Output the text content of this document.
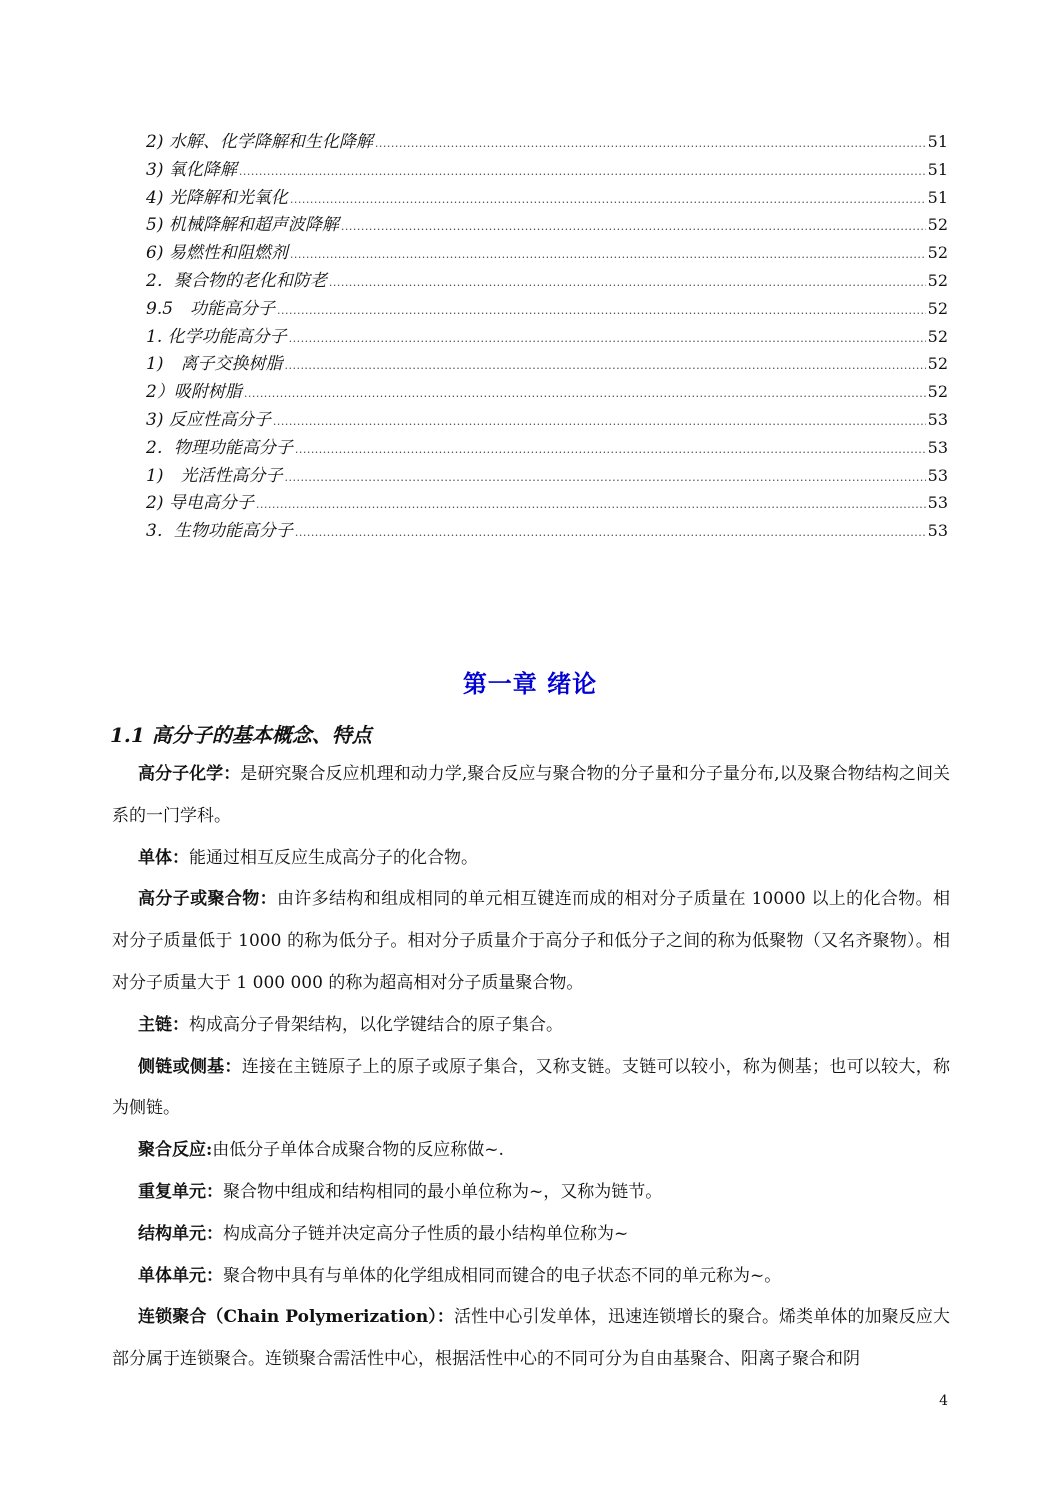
2) 水解、化学降解和生化降解 .....	51
3) 氧化降解 .....	51
4) 光降解和光氧化 .....	51
5) 机械降解和超声波降解 .....	52
6) 易燃性和阻燃剂 .....	52
2．聚合物的老化和防老 .....	52
9.5　功能高分子 .....	52
1. 化学功能高分子 .....	52
1)　离子交换树脂 .....	52
2）吸附树脂 .....	52
3) 反应性高分子 .....	53
2．物理功能高分子 .....	53
1)　光活性高分子 .....	53
2) 导电高分子 .....	53
3．生物功能高分子 .....	53
第一章 绪论
1.1 高分子的基本概念、特点

高分子化学：是研究聚合反应机理和动力学,聚合反应与聚合物的分子量和分子量分布,以及聚合物结构之间关系的一门学科。

单体：能通过相互反应生成高分子的化合物。

高分子或聚合物：由许多结构和组成相同的单元相互键连而成的相对分子质量在 10000 以上的化合物。相对分子质量低于 1000 的称为低分子。相对分子质量介于高分子和低分子之间的称为低聚物（又名齐聚物）。相对分子质量大于 1 000 000 的称为超高相对分子质量聚合物。

主链：构成高分子骨架结构，以化学键结合的原子集合。

侧链或侧基：连接在主链原子上的原子或原子集合，又称支链。支链可以较小，称为侧基；也可以较大，称为侧链。

聚合反应:由低分子单体合成聚合物的反应称做~.

重复单元：聚合物中组成和结构相同的最小单位称为~，又称为链节。

结构单元：构成高分子链并决定高分子性质的最小结构单位称为~

单体单元：聚合物中具有与单体的化学组成相同而键合的电子状态不同的单元称为~。

连锁聚合（Chain Polymerization）：活性中心引发单体，迅速连锁增长的聚合。烯类单体的加聚反应大部分属于连锁聚合。连锁聚合需活性中心，根据活性中心的不同可分为自由基聚合、阳离子聚合和阴

4
